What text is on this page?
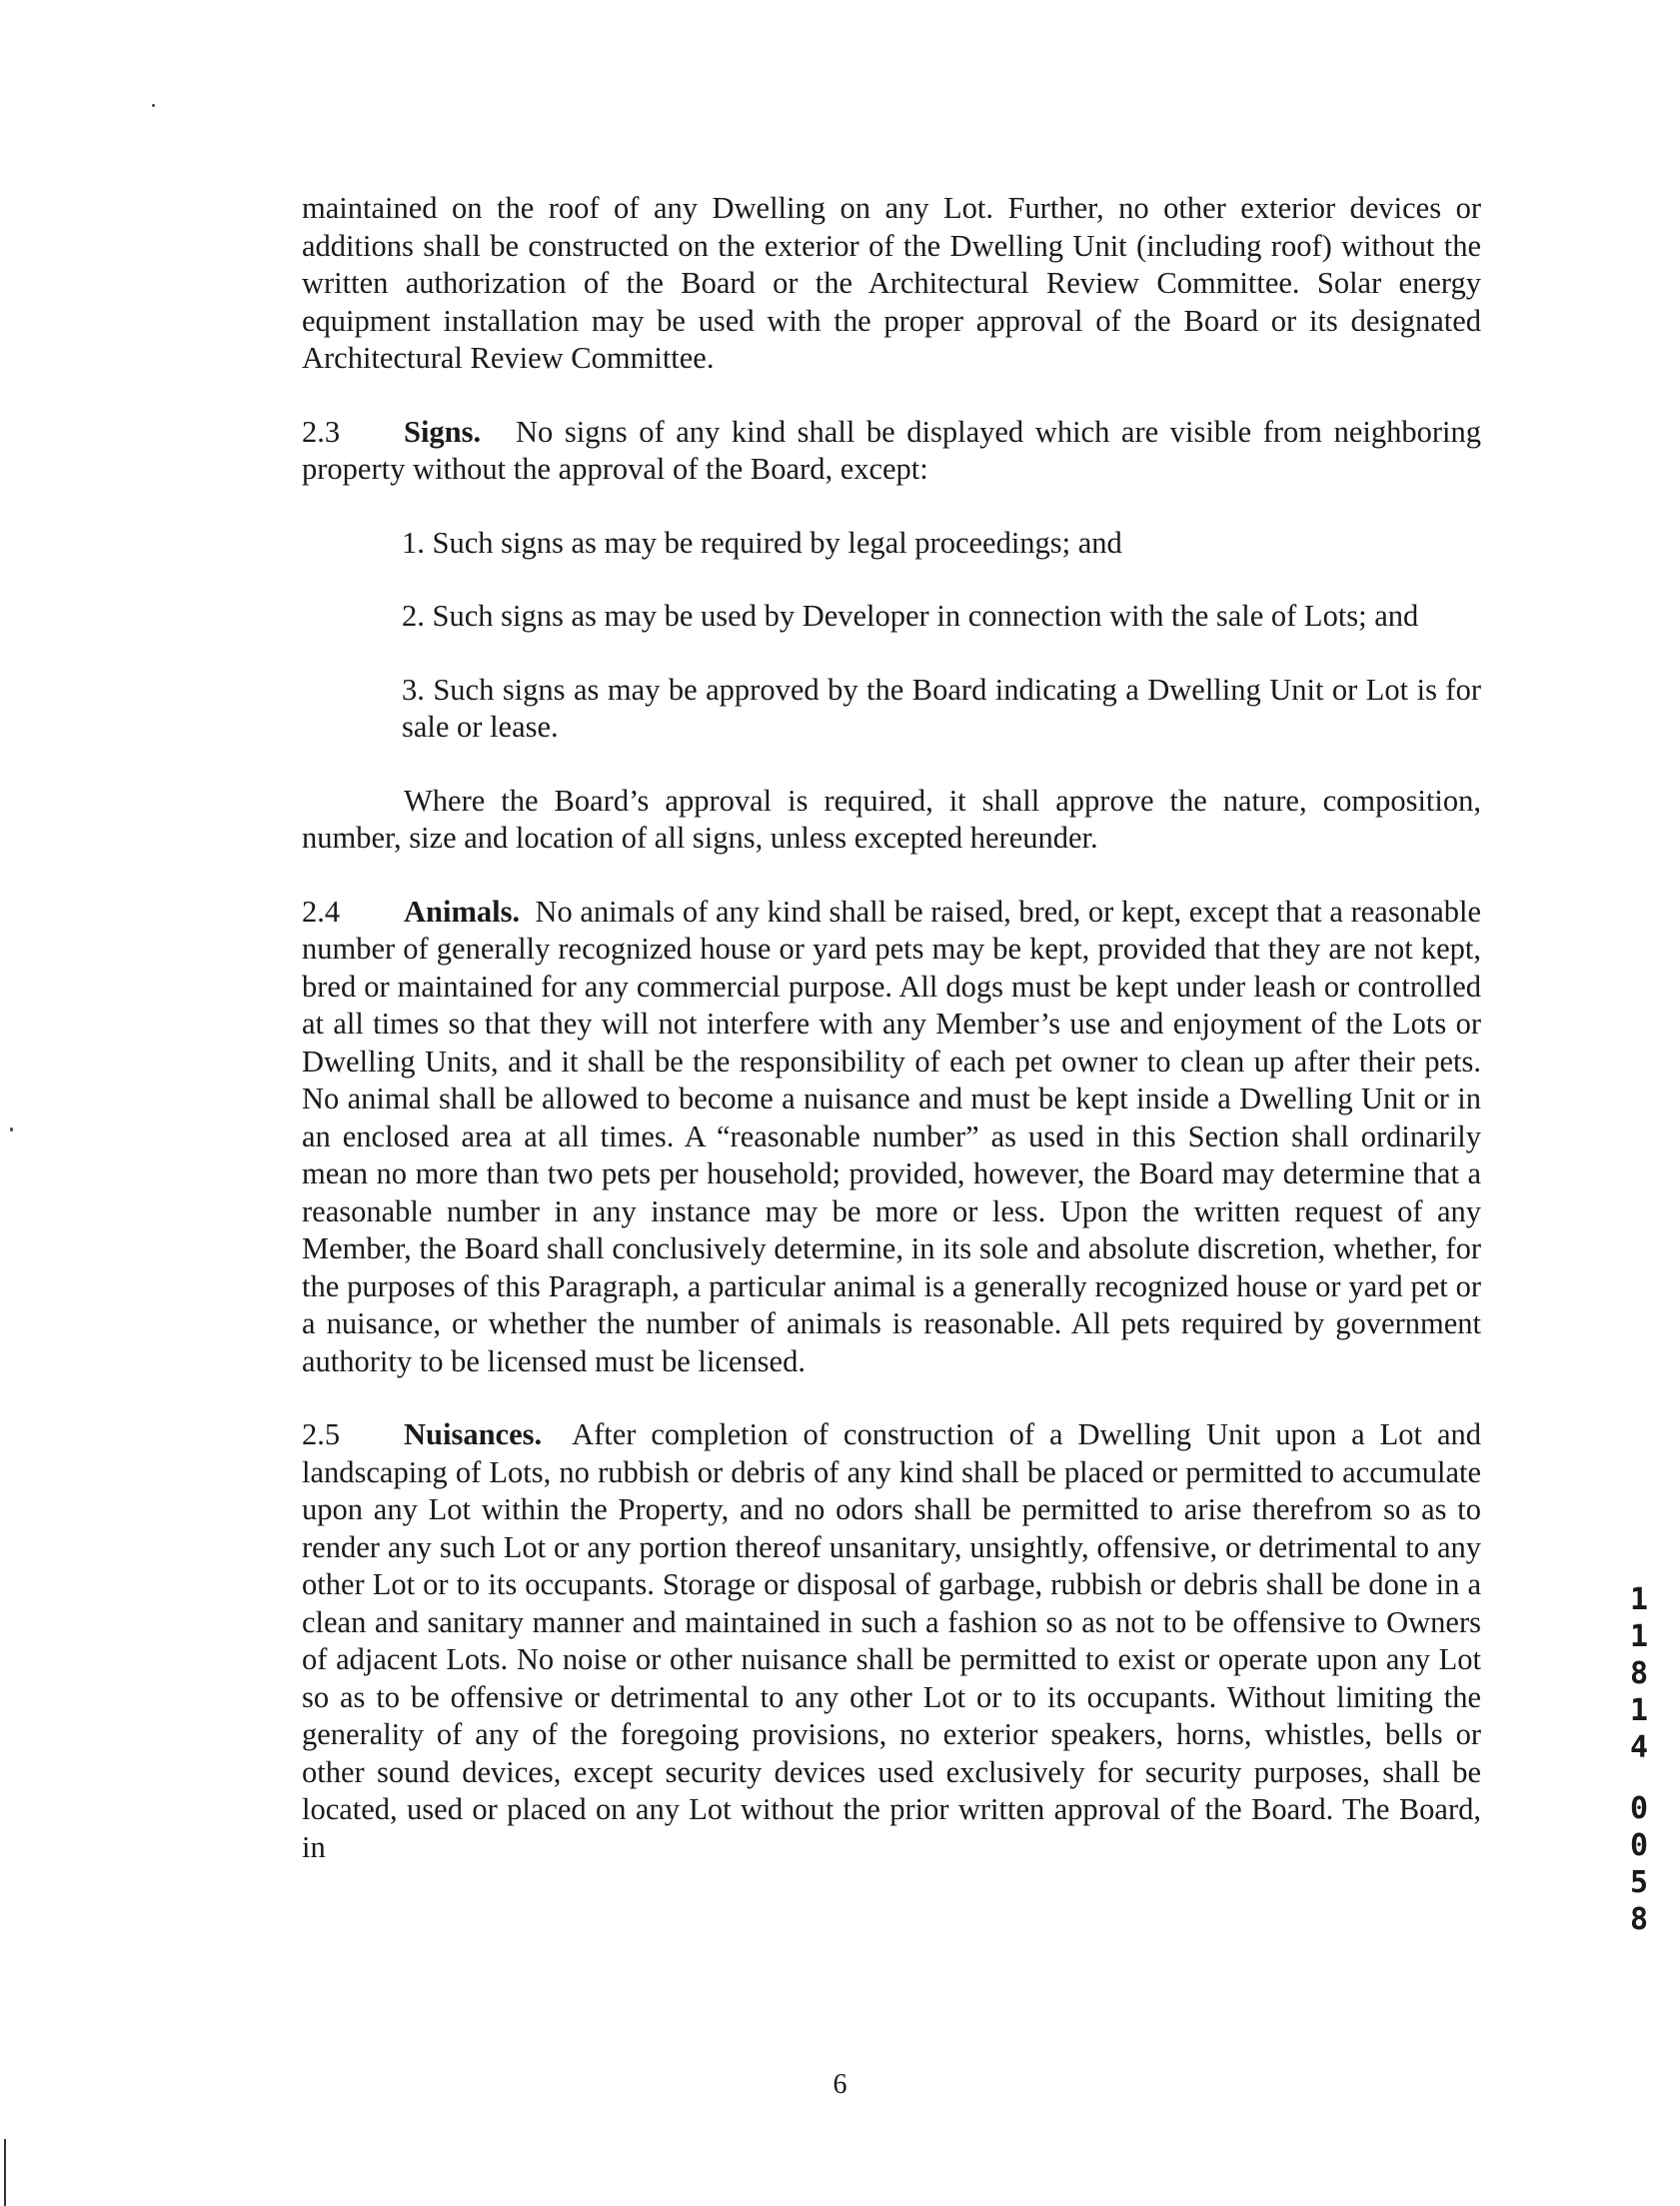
maintained on the roof of any Dwelling on any Lot. Further, no other exterior devices or additions shall be constructed on the exterior of the Dwelling Unit (including roof) without the written authorization of the Board or the Architectural Review Committee. Solar energy equipment installation may be used with the proper approval of the Board or its designated Architectural Review Committee.

2.3 Signs. No signs of any kind shall be displayed which are visible from neighboring property without the approval of the Board, except:

1. Such signs as may be required by legal proceedings; and

2. Such signs as may be used by Developer in connection with the sale of Lots; and

3. Such signs as may be approved by the Board indicating a Dwelling Unit or Lot is for sale or lease.

Where the Board’s approval is required, it shall approve the nature, composition, number, size and location of all signs, unless excepted hereunder.

2.4 Animals. No animals of any kind shall be raised, bred, or kept, except that a reasonable number of generally recognized house or yard pets may be kept, provided that they are not kept, bred or maintained for any commercial purpose. All dogs must be kept under leash or controlled at all times so that they will not interfere with any Member’s use and enjoyment of the Lots or Dwelling Units, and it shall be the responsibility of each pet owner to clean up after their pets. No animal shall be allowed to become a nuisance and must be kept inside a Dwelling Unit or in an enclosed area at all times. A “reasonable number” as used in this Section shall ordinarily mean no more than two pets per household; provided, however, the Board may determine that a reasonable number in any instance may be more or less. Upon the written request of any Member, the Board shall conclusively determine, in its sole and absolute discretion, whether, for the purposes of this Paragraph, a particular animal is a generally recognized house or yard pet or a nuisance, or whether the number of animals is reasonable. All pets required by government authority to be licensed must be licensed.

2.5 Nuisances. After completion of construction of a Dwelling Unit upon a Lot and landscaping of Lots, no rubbish or debris of any kind shall be placed or permitted to accumulate upon any Lot within the Property, and no odors shall be permitted to arise therefrom so as to render any such Lot or any portion thereof unsanitary, unsightly, offensive, or detrimental to any other Lot or to its occupants. Storage or disposal of garbage, rubbish or debris shall be done in a clean and sanitary manner and maintained in such a fashion so as not to be offensive to Owners of adjacent Lots. No noise or other nuisance shall be permitted to exist or operate upon any Lot so as to be offensive or detrimental to any other Lot or to its occupants. Without limiting the generality of any of the foregoing provisions, no exterior speakers, horns, whistles, bells or other sound devices, except security devices used exclusively for security purposes, shall be located, used or placed on any Lot without the prior written approval of the Board. The Board, in

6
1
1
8
1
4
0
0
5
8
